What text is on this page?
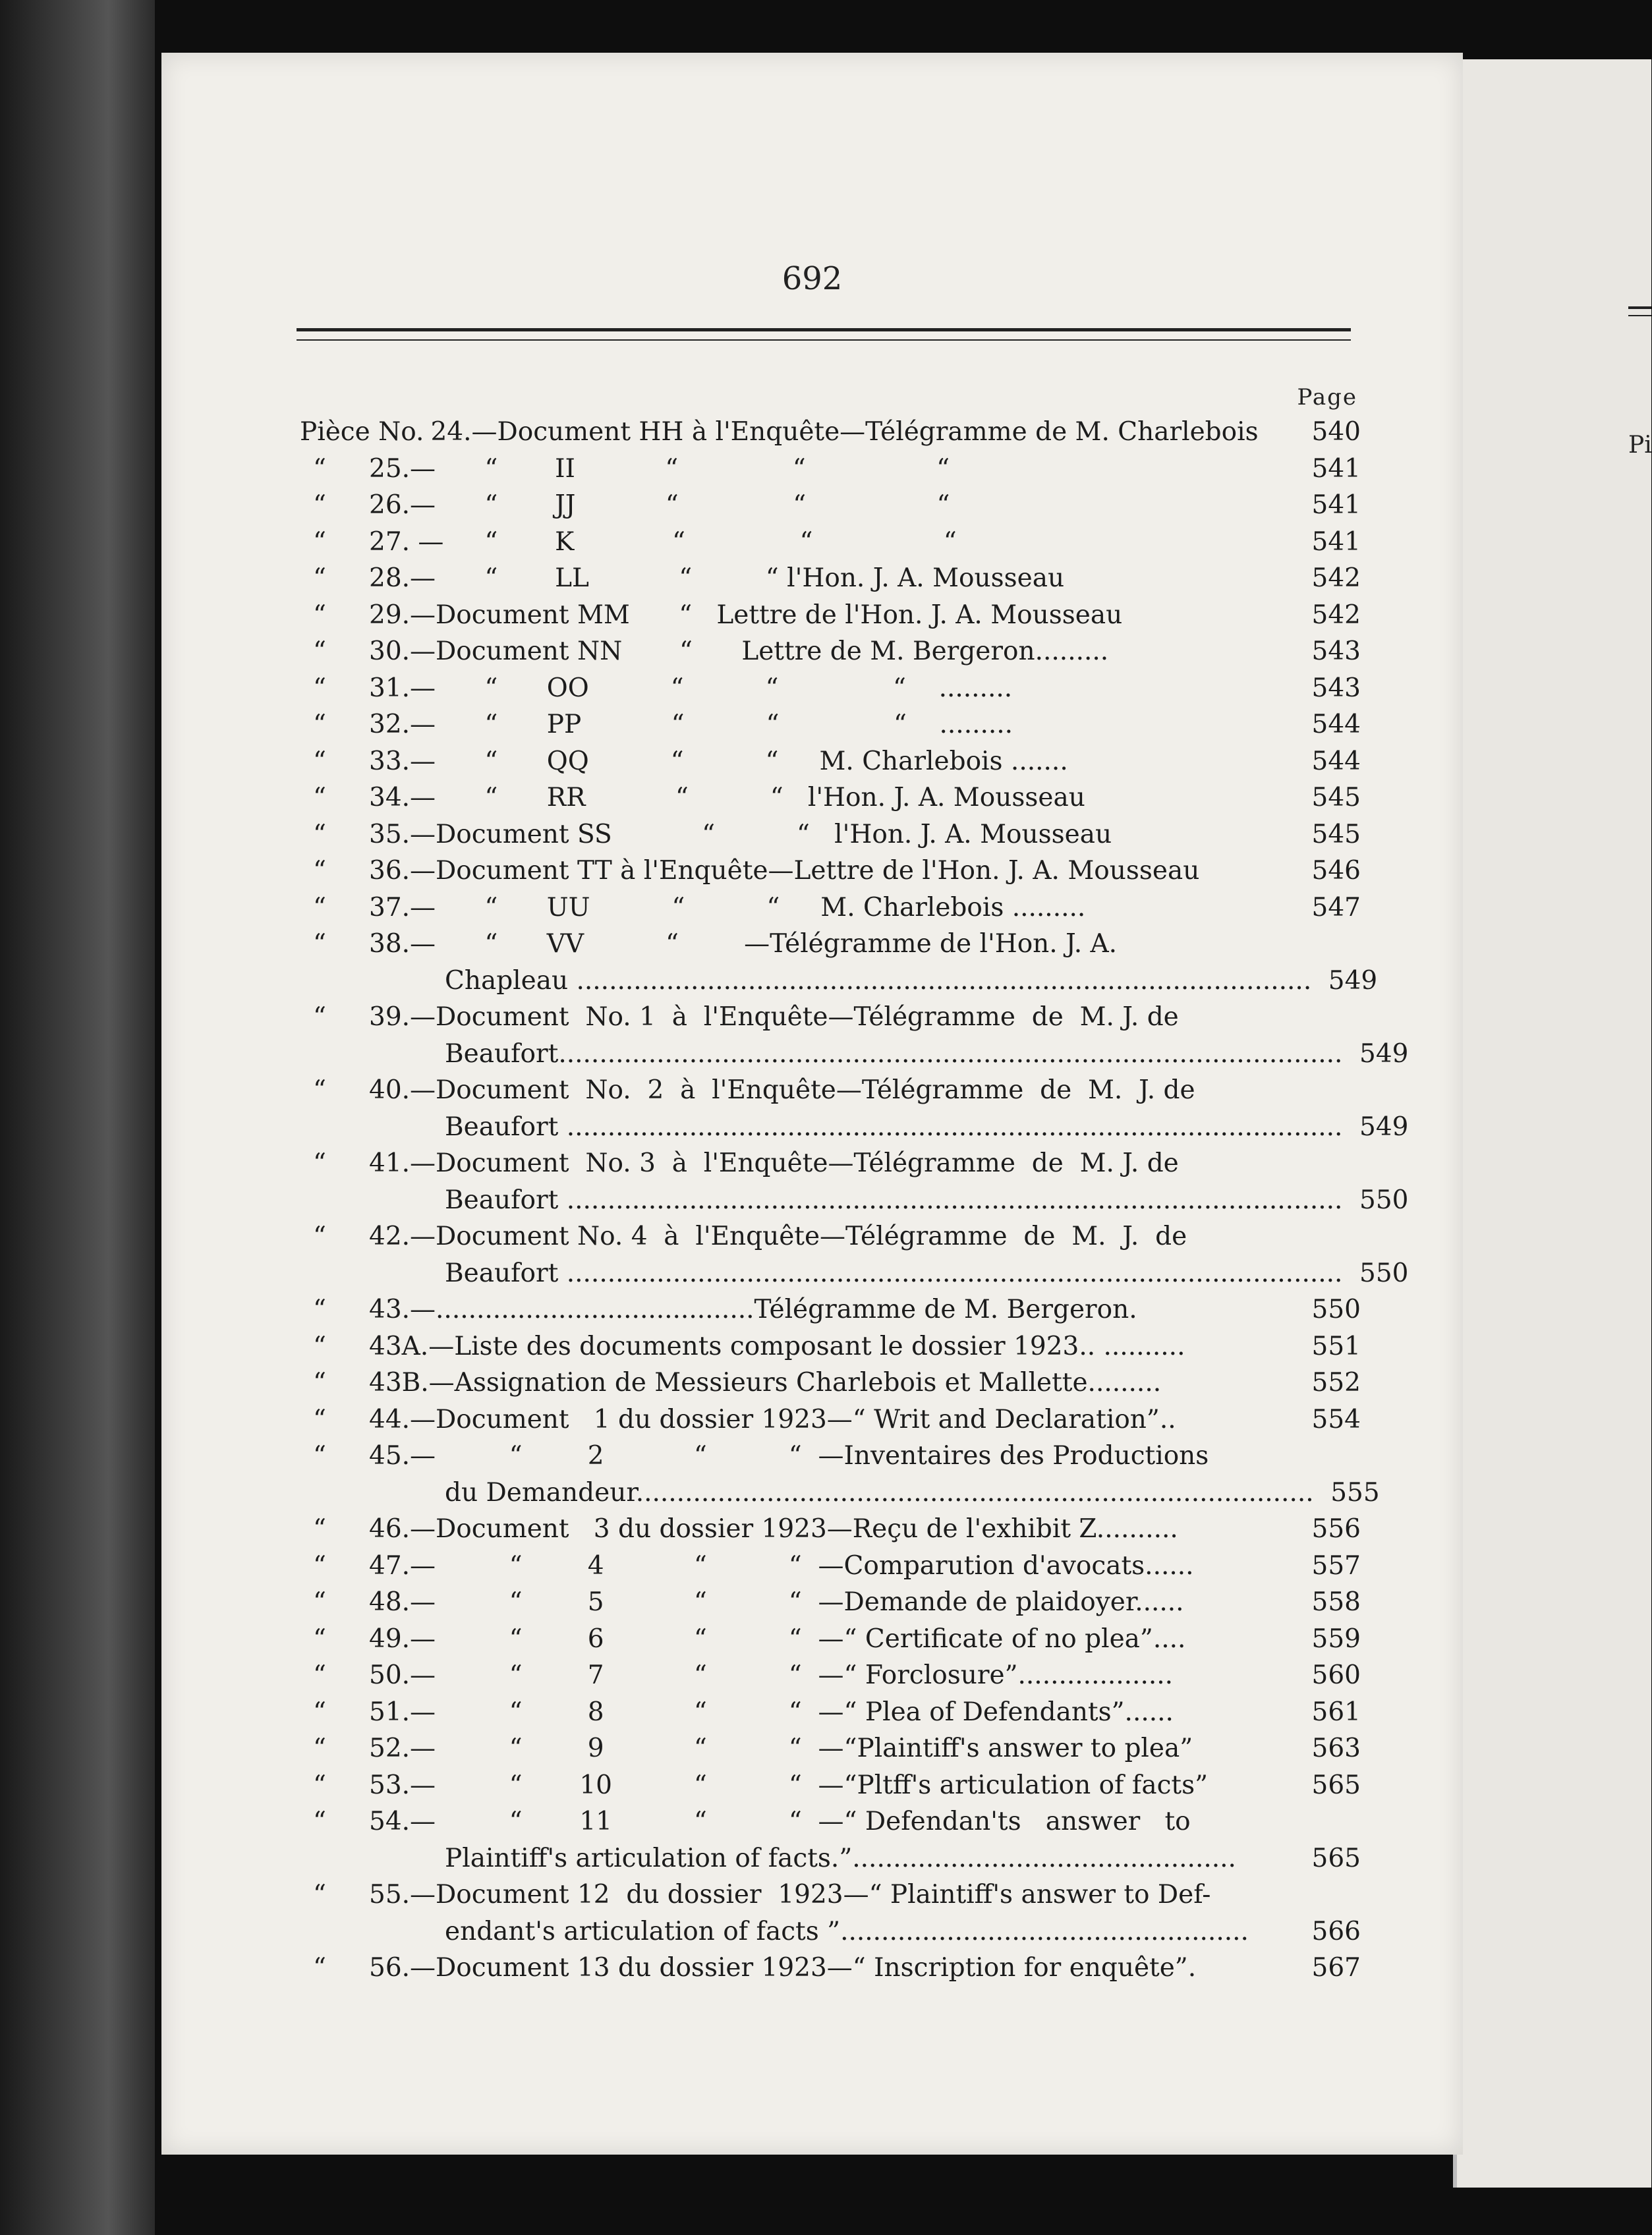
Pi
692
Page
Pièce No. 24.—Document HH à l'Enquête—Télégramme de M. Charlebois	540
“	25.—      “       II           “              “                “	541
“	26.—      “       JJ           “              “                “	541
“	27. —     “       K            “              “                “	541
“	28.—      “       LL           “         “ l'Hon. J. A. Mousseau	542
“	29.—Document MM      “   Lettre de l'Hon. J. A. Mousseau	542
“	30.—Document NN       “      Lettre de M. Bergeron.........	543
“	31.—      “      OO          “          “              “    .........	543
“	32.—      “      PP           “          “              “    .........	544
“	33.—      “      QQ          “          “     M. Charlebois .......	544
“	34.—      “      RR           “          “   l'Hon. J. A. Mousseau	545
“	35.—Document SS           “          “   l'Hon. J. A. Mousseau	545
“	36.—Document TT à l'Enquête—Lettre de l'Hon. J. A. Mousseau	546
“	37.—      “      UU          “          “     M. Charlebois .........	547
“	38.—      “      VV          “        —Télégramme de l'Hon. J. A.
Chapleau .......................................................................................... 549
“	39.—Document  No. 1  à  l'Enquête—Télégramme  de  M. J. de
Beaufort................................................................................................ 549
“	40.—Document  No.  2  à  l'Enquête—Télégramme  de  M.  J. de
Beaufort ............................................................................................... 549
“	41.—Document  No. 3  à  l'Enquête—Télégramme  de  M. J. de
Beaufort ............................................................................................... 550
“	42.—Document No. 4  à  l'Enquête—Télégramme  de  M.  J.  de
Beaufort ............................................................................................... 550
“	43.—.......................................Télégramme de M. Bergeron.	550
“	43A.—Liste des documents composant le dossier 1923.. ..........	551
“	43B.—Assignation de Messieurs Charlebois et Mallette.........	552
“	44.—Document   1 du dossier 1923—“ Writ and Declaration”..	554
“	45.—         “        2           “          “  —Inventaires des Productions
du Demandeur................................................................................... 555
“	46.—Document   3 du dossier 1923—Reçu de l'exhibit Z..........	556
“	47.—         “        4           “          “  —Comparution d'avocats......	557
“	48.—         “        5           “          “  —Demande de plaidoyer......	558
“	49.—         “        6           “          “  —“ Certificate of no plea”....	559
“	50.—         “        7           “          “  —“ Forclosure”...................	560
“	51.—         “        8           “          “  —“ Plea of Defendants”......	561
“	52.—         “        9           “          “  —“Plaintiff's answer to plea”	563
“	53.—         “       10          “          “  —“Pltff's articulation of facts”	565
“	54.—         “       11          “          “  —“ Defendan'ts   answer   to
Plaintiff's articulation of facts.”...............................................	565
“	55.—Document 12  du dossier  1923—“ Plaintiff's answer to Def-
endant's articulation of facts ”..................................................	566
“	56.—Document 13 du dossier 1923—“ Inscription for enquête”.	567
